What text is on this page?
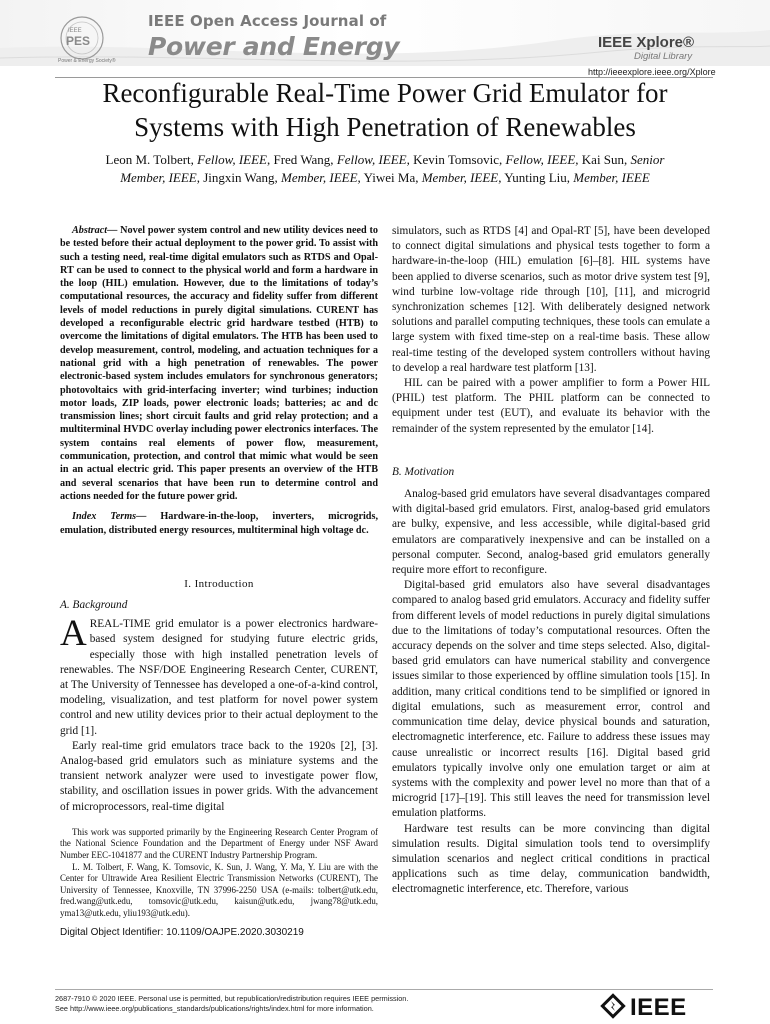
IEEE
PES
Power & Energy Society®
IEEE Open Access Journal of
Power and Energy	IEEE Xplore®
Digital Library
http://ieeexplore.ieee.org/Xplore
Reconfigurable Real-Time Power Grid Emulator for
Systems with High Penetration of Renewables
Leon M. Tolbert, Fellow, IEEE, Fred Wang, Fellow, IEEE, Kevin Tomsovic, Fellow, IEEE, Kai Sun, Senior
Member, IEEE, Jingxin Wang, Member, IEEE, Yiwei Ma, Member, IEEE, Yunting Liu, Member, IEEE

Abstract— Novel power system control and new utility devices need to be tested before their actual deployment to the power grid. To assist with such a testing need, real-time digital emulators such as RTDS and Opal-RT can be used to connect to the physical world and form a hardware in the loop (HIL) emulation. However, due to the limitations of today’s computational resources, the accuracy and fidelity suffer from different levels of model reductions in purely digital simulations. CURENT has developed a reconfigurable electric grid hardware testbed (HTB) to overcome the limitations of digital emulators. The HTB has been used to develop measurement, control, modeling, and actuation techniques for a national grid with a high penetration of renewables. The power electronic-based system includes emulators for synchronous generators; photovoltaics with grid-interfacing inverter; wind turbines; induction motor loads, ZIP loads, power electronic loads; batteries; ac and dc transmission lines; short circuit faults and grid relay protection; and a multiterminal HVDC overlay including power electronics interfaces. The system contains real elements of power flow, measurement, communication, protection, and control that mimic what would be seen in an actual electric grid. This paper presents an overview of the HTB and several scenarios that have been run to determine control and actions needed for the future power grid.

Index Terms— Hardware-in-the-loop, inverters, microgrids, emulation, distributed energy resources, multiterminal high voltage dc.

I. Introduction

A. Background

A REAL-TIME grid emulator is a power electronics hardware-based system designed for studying future electric grids, especially those with high installed penetration levels of renewables. The NSF/DOE Engineering Research Center, CURENT, at The University of Tennessee has developed a one-of-a-kind control, modeling, visualization, and test platform for novel power system control and new utility devices prior to their actual deployment to the grid [1].

Early real-time grid emulators trace back to the 1920s [2], [3]. Analog-based grid emulators such as miniature systems and the transient network analyzer were used to investigate power flow, stability, and oscillation issues in power grids. With the advancement of microprocessors, real-time digital

This work was supported primarily by the Engineering Research Center Program of the National Science Foundation and the Department of Energy under NSF Award Number EEC-1041877 and the CURENT Industry Partnership Program.

L. M. Tolbert, F. Wang, K. Tomsovic, K. Sun, J. Wang, Y. Ma, Y. Liu are with the Center for Ultrawide Area Resilient Electric Transmission Networks (CURENT), The University of Tennessee, Knoxville, TN 37996-2250 USA (e-mails: tolbert@utk.edu, fred.wang@utk.edu, tomsovic@utk.edu, kaisun@utk.edu, jwang78@utk.edu, yma13@utk.edu, yliu193@utk.edu).

Digital Object Identifier: 10.1109/OAJPE.2020.3030219

simulators, such as RTDS [4] and Opal-RT [5], have been developed to connect digital simulations and physical tests together to form a hardware-in-the-loop (HIL) emulation [6]–[8]. HIL systems have been applied to diverse scenarios, such as motor drive system test [9], wind turbine low-voltage ride through [10], [11], and microgrid synchronization schemes [12]. With deliberately designed network solutions and parallel computing techniques, these tools can emulate a large system with fixed time-step on a real-time basis. These allow real-time testing of the developed system controllers without having to develop a real hardware test platform [13].

HIL can be paired with a power amplifier to form a Power HIL (PHIL) test platform. The PHIL platform can be connected to equipment under test (EUT), and evaluate its behavior with the remainder of the system represented by the emulator [14].

B. Motivation

Analog-based grid emulators have several disadvantages compared with digital-based grid emulators. First, analog-based grid emulators are bulky, expensive, and less accessible, while digital-based grid emulators are comparatively inexpensive and can be installed on a personal computer. Second, analog-based grid emulators generally require more effort to reconfigure.

Digital-based grid emulators also have several disadvantages compared to analog based grid emulators. Accuracy and fidelity suffer from different levels of model reductions in purely digital simulations due to the limitations of today’s computational resources. Often the accuracy depends on the solver and time steps selected. Also, digital-based grid emulators can have numerical stability and convergence issues similar to those experienced by offline simulation tools [15]. In addition, many critical conditions tend to be simplified or ignored in digital emulations, such as measurement error, control and communication time delay, device physical bounds and saturation, electromagnetic interference, etc. Failure to address these issues may cause unrealistic or incorrect results [16]. Digital based grid emulators typically involve only one emulation target or aim at systems with the complexity and power level no more than that of a microgrid [17]–[19]. This still leaves the need for transmission level emulation platforms.

Hardware test results can be more convincing than digital simulation results. Digital simulation tools tend to oversimplify simulation scenarios and neglect critical conditions in practical applications such as time delay, communication bandwidth, electromagnetic interference, etc. Therefore, various

2687-7910 © 2020 IEEE. Personal use is permitted, but republication/redistribution requires IEEE permission.
See http://www.ieee.org/publications_standards/publications/rights/index.html for more information.	IEEE
